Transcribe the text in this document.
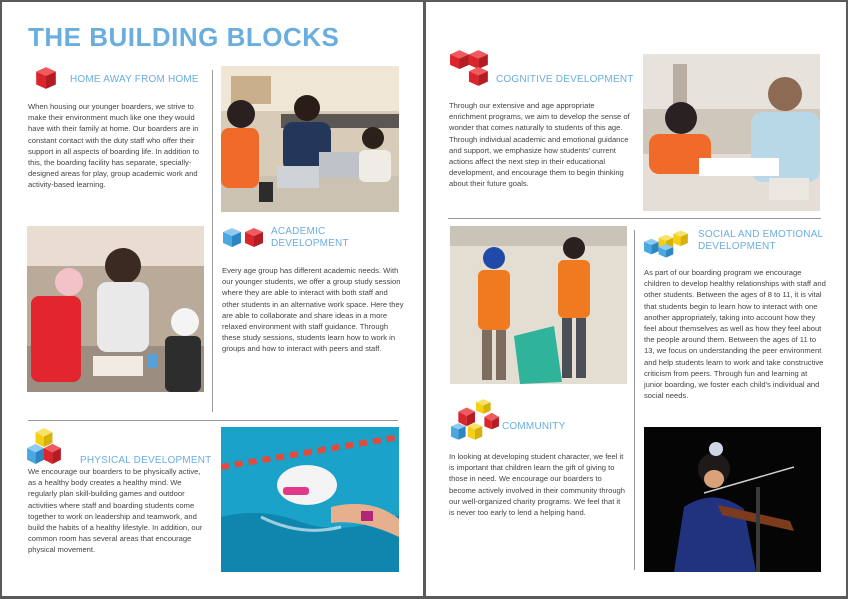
THE BUILDING BLOCKS

HOME AWAY FROM HOME

When housing our younger boarders, we strive to make their environment much like one they would have with their family at home. Our boarders are in constant contact with the duty staff who offer their support in all aspects of boarding life. In addition to this, the boarding facility has separate, specially-designed areas for play, group academic work and activity-based learning.

ACADEMIC
DEVELOPMENT

Every age group has different academic needs. With our younger students, we offer a group study session where they are able to interact with both staff and other students in an alternative work space. Here they are able to collaborate and share ideas in a more relaxed environment with staff guidance. Through these study sessions, students learn how to work in groups and how to interact with peers and staff.

PHYSICAL DEVELOPMENT

We encourage our boarders to be physically active, as a healthy body creates a healthy mind. We regularly plan skill-building games and outdoor activities where staff and boarding students come together to work on leadership and teamwork, and build the habits of a healthy lifestyle. In addition, our common room has several areas that encourage physical movement.

COGNITIVE DEVELOPMENT

Through our extensive and age appropriate enrichment programs, we aim to develop the sense of wonder that comes naturally to students of this age. Through individual academic and emotional guidance and support, we emphasize how students' current actions affect the next step in their educational development, and encourage them to begin thinking about their future goals.

SOCIAL AND EMOTIONAL
DEVELOPMENT

As part of our boarding program we encourage children to develop healthy relationships with staff and other students. Between the ages of 8 to 11, it is vital that students begin to learn how to interact with one another appropriately, taking into account how they feel about themselves as well as how they feel about the people around them. Between the ages of 11 to 13, we focus on understanding the peer environment and help students learn to work and take constructive criticism from peers. Through fun and learning at junior boarding, we foster each child's individual and social needs.

COMMUNITY

In looking at developing student character, we feel it is important that children learn the gift of giving to those in need. We encourage our boarders to become actively involved in their community through our well-organized charity programs. We feel that it is never too early to lend a helping hand.
